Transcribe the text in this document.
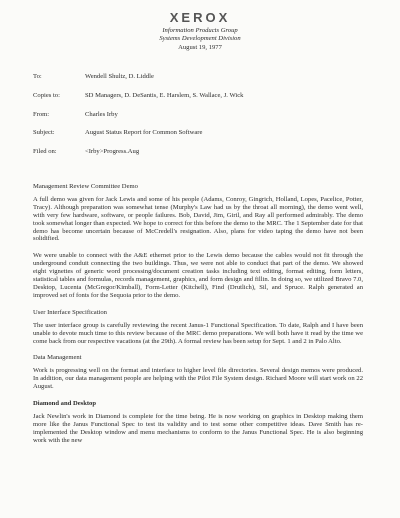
XEROX
Information Products Group
Systems Development Division
August 19, 1977
To:	Wendell Shultz, D. Liddle
Copies to:	SD Managers, D. DeSantis, E. Harslem, S. Wallace, J. Wick
From:	Charles Irby
Subject:	August Status Report for Common Software
Filed on:	<Irby>Progress.Aug
Management Review Committee Demo

A full demo was given for Jack Lewis and some of his people (Adams, Conroy, Gingrich, Holland, Lopes, Pacelice, Potter, Tracy). Although preparation was somewhat tense (Murphy's Law had us by the throat all morning), the demo went well, with very few hardware, software, or people failures. Bob, David, Jim, Giril, and Ray all performed admirably. The demo took somewhat longer than expected. We hope to correct for this before the demo to the MRC. The 1 September date for that demo has become uncertain because of McCredell's resignation. Also, plans for video taping the demo have not been solidified.

We were unable to connect with the A&E ethernet prior to the Lewis demo because the cables would not fit through the underground conduit connecting the two buildings. Thus, we were not able to conduct that part of the demo. We showed eight vignettes of generic word processing/document creation tasks including text editing, format editing, form letters, statistical tables and formulas, records management, graphics, and form design and fillin. In doing so, we utilized Bravo 7.0, Desktop, Lucenta (McGregor/Kimball), Form-Letter (Kitchell), Find (Drutlich), Sil, and Spruce. Ralph generated an improved set of fonts for the Sequoia prior to the demo.

User Interface Specification

The user interface group is carefully reviewing the recent Janus-1 Functional Specification. To date, Ralph and I have been unable to devote much time to this review because of the MRC demo preparations. We will both have it read by the time we come back from our respective vacations (at the 29th). A formal review has been setup for Sept. 1 and 2 in Palo Alto.

Data Management

Work is progressing well on the format and interface to higher level file directories. Several design memos were produced. In addition, our data management people are helping with the Pilot File System design. Richard Moore will start work on 22 August.

Diamond and Desktop

Jack Newlin's work in Diamond is complete for the time being. He is now working on graphics in Desktop making them more like the Janus Functional Spec to test its validity and to test some other competitive ideas. Dave Smith has re-implemented the Desktop window and menu mechanisms to conform to the Janus Functional Spec. He is also beginning work with the new
